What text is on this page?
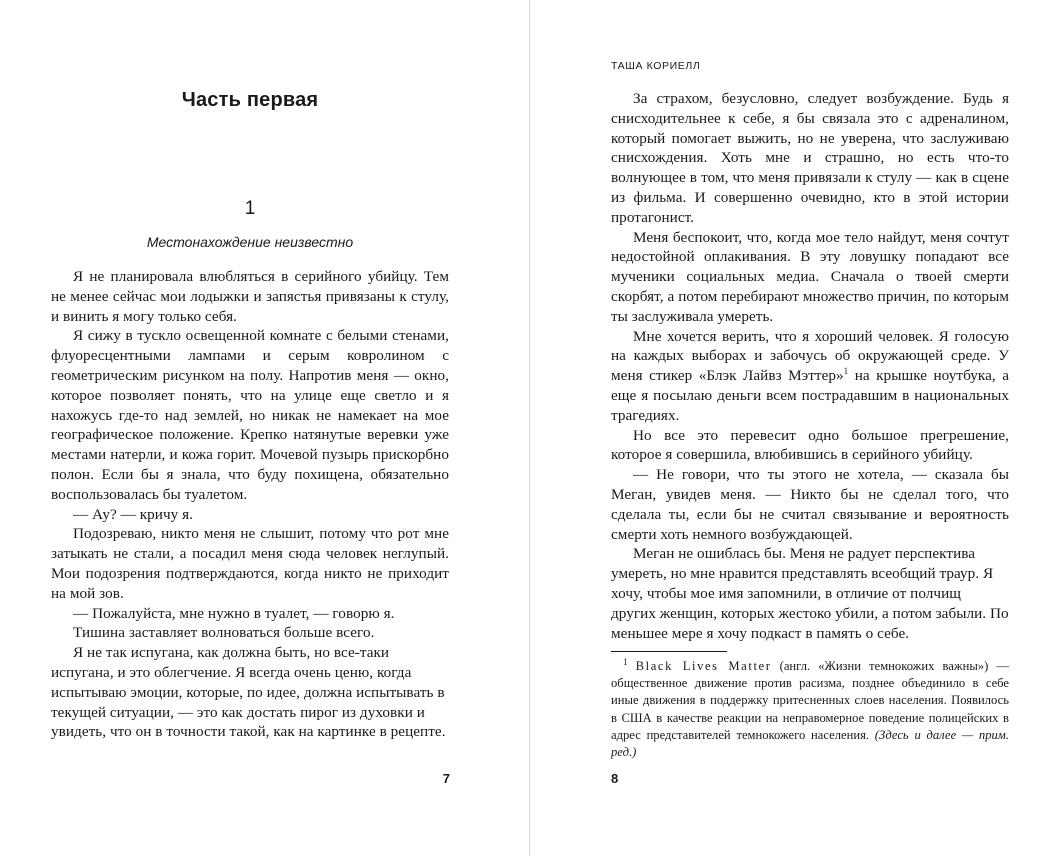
Часть первая
1
Местонахождение неизвестно

Я не планировала влюбляться в серийного убийцу. Тем не менее сейчас мои лодыжки и запястья привязаны к стулу, и винить я могу только себя.

Я сижу в тускло освещенной комнате с белыми стенами, флуоресцентными лампами и серым ковролином с геометрическим рисунком на полу. Напротив меня — окно, которое позволяет понять, что на улице еще светло и я нахожусь где-то над землей, но никак не намекает на мое географическое положение. Крепко натянутые веревки уже местами натерли, и кожа горит. Мочевой пузырь прискорбно полон. Если бы я знала, что буду похищена, обязательно воспользовалась бы туалетом.

— Ау? — кричу я.

Подозреваю, никто меня не слышит, потому что рот мне затыкать не стали, а посадил меня сюда человек неглупый. Мои подозрения подтверждаются, когда никто не приходит на мой зов.

— Пожалуйста, мне нужно в туалет, — говорю я.

Тишина заставляет волноваться больше всего.

Я не так испугана, как должна быть, но все-таки испугана, и это облегчение. Я всегда очень ценю, когда испытываю эмоции, которые, по идее, должна испытывать в текущей ситуации, — это как достать пирог из духовки и увидеть, что он в точности такой, как на картинке в рецепте.

7
ТАША КОРИЕЛЛ

За страхом, безусловно, следует возбуждение. Будь я снисходительнее к себе, я бы связала это с адреналином, который помогает выжить, но не уверена, что заслуживаю снисхождения. Хоть мне и страшно, но есть что-то волнующее в том, что меня привязали к стулу — как в сцене из фильма. И совершенно очевидно, кто в этой истории протагонист.

Меня беспокоит, что, когда мое тело найдут, меня сочтут недостойной оплакивания. В эту ловушку попадают все мученики социальных медиа. Сначала о твоей смерти скорбят, а потом перебирают множество причин, по которым ты заслуживала умереть.

Мне хочется верить, что я хороший человек. Я голосую на каждых выборах и забочусь об окружающей среде. У меня стикер «Блэк Лайвз Мэттер»$^1$ на крышке ноутбука, а еще я посылаю деньги всем пострадавшим в национальных трагедиях.

Но все это перевесит одно большое прегрешение, которое я совершила, влюбившись в серийного убийцу.

— Не говори, что ты этого не хотела, — сказала бы Меган, увидев меня. — Никто бы не сделал того, что сделала ты, если бы не считал связывание и вероятность смерти хоть немного возбуждающей.

Меган не ошиблась бы. Меня не радует перспектива умереть, но мне нравится представлять всеобщий траур. Я хочу, чтобы мое имя запомнили, в отличие от полчищ других женщин, которых жестоко убили, а потом забыли. По меньшее мере я хочу подкаст в память о себе.

$^1$ Black Lives Matter (англ. «Жизни темнокожих важны») — общественное движение против расизма, позднее объединило в себе иные движения в поддержку притесненных слоев населения. Появилось в США в качестве реакции на неправомерное поведение полицейских в адрес представителей темнокожего населения. (Здесь и далее — прим. ред.)

8
